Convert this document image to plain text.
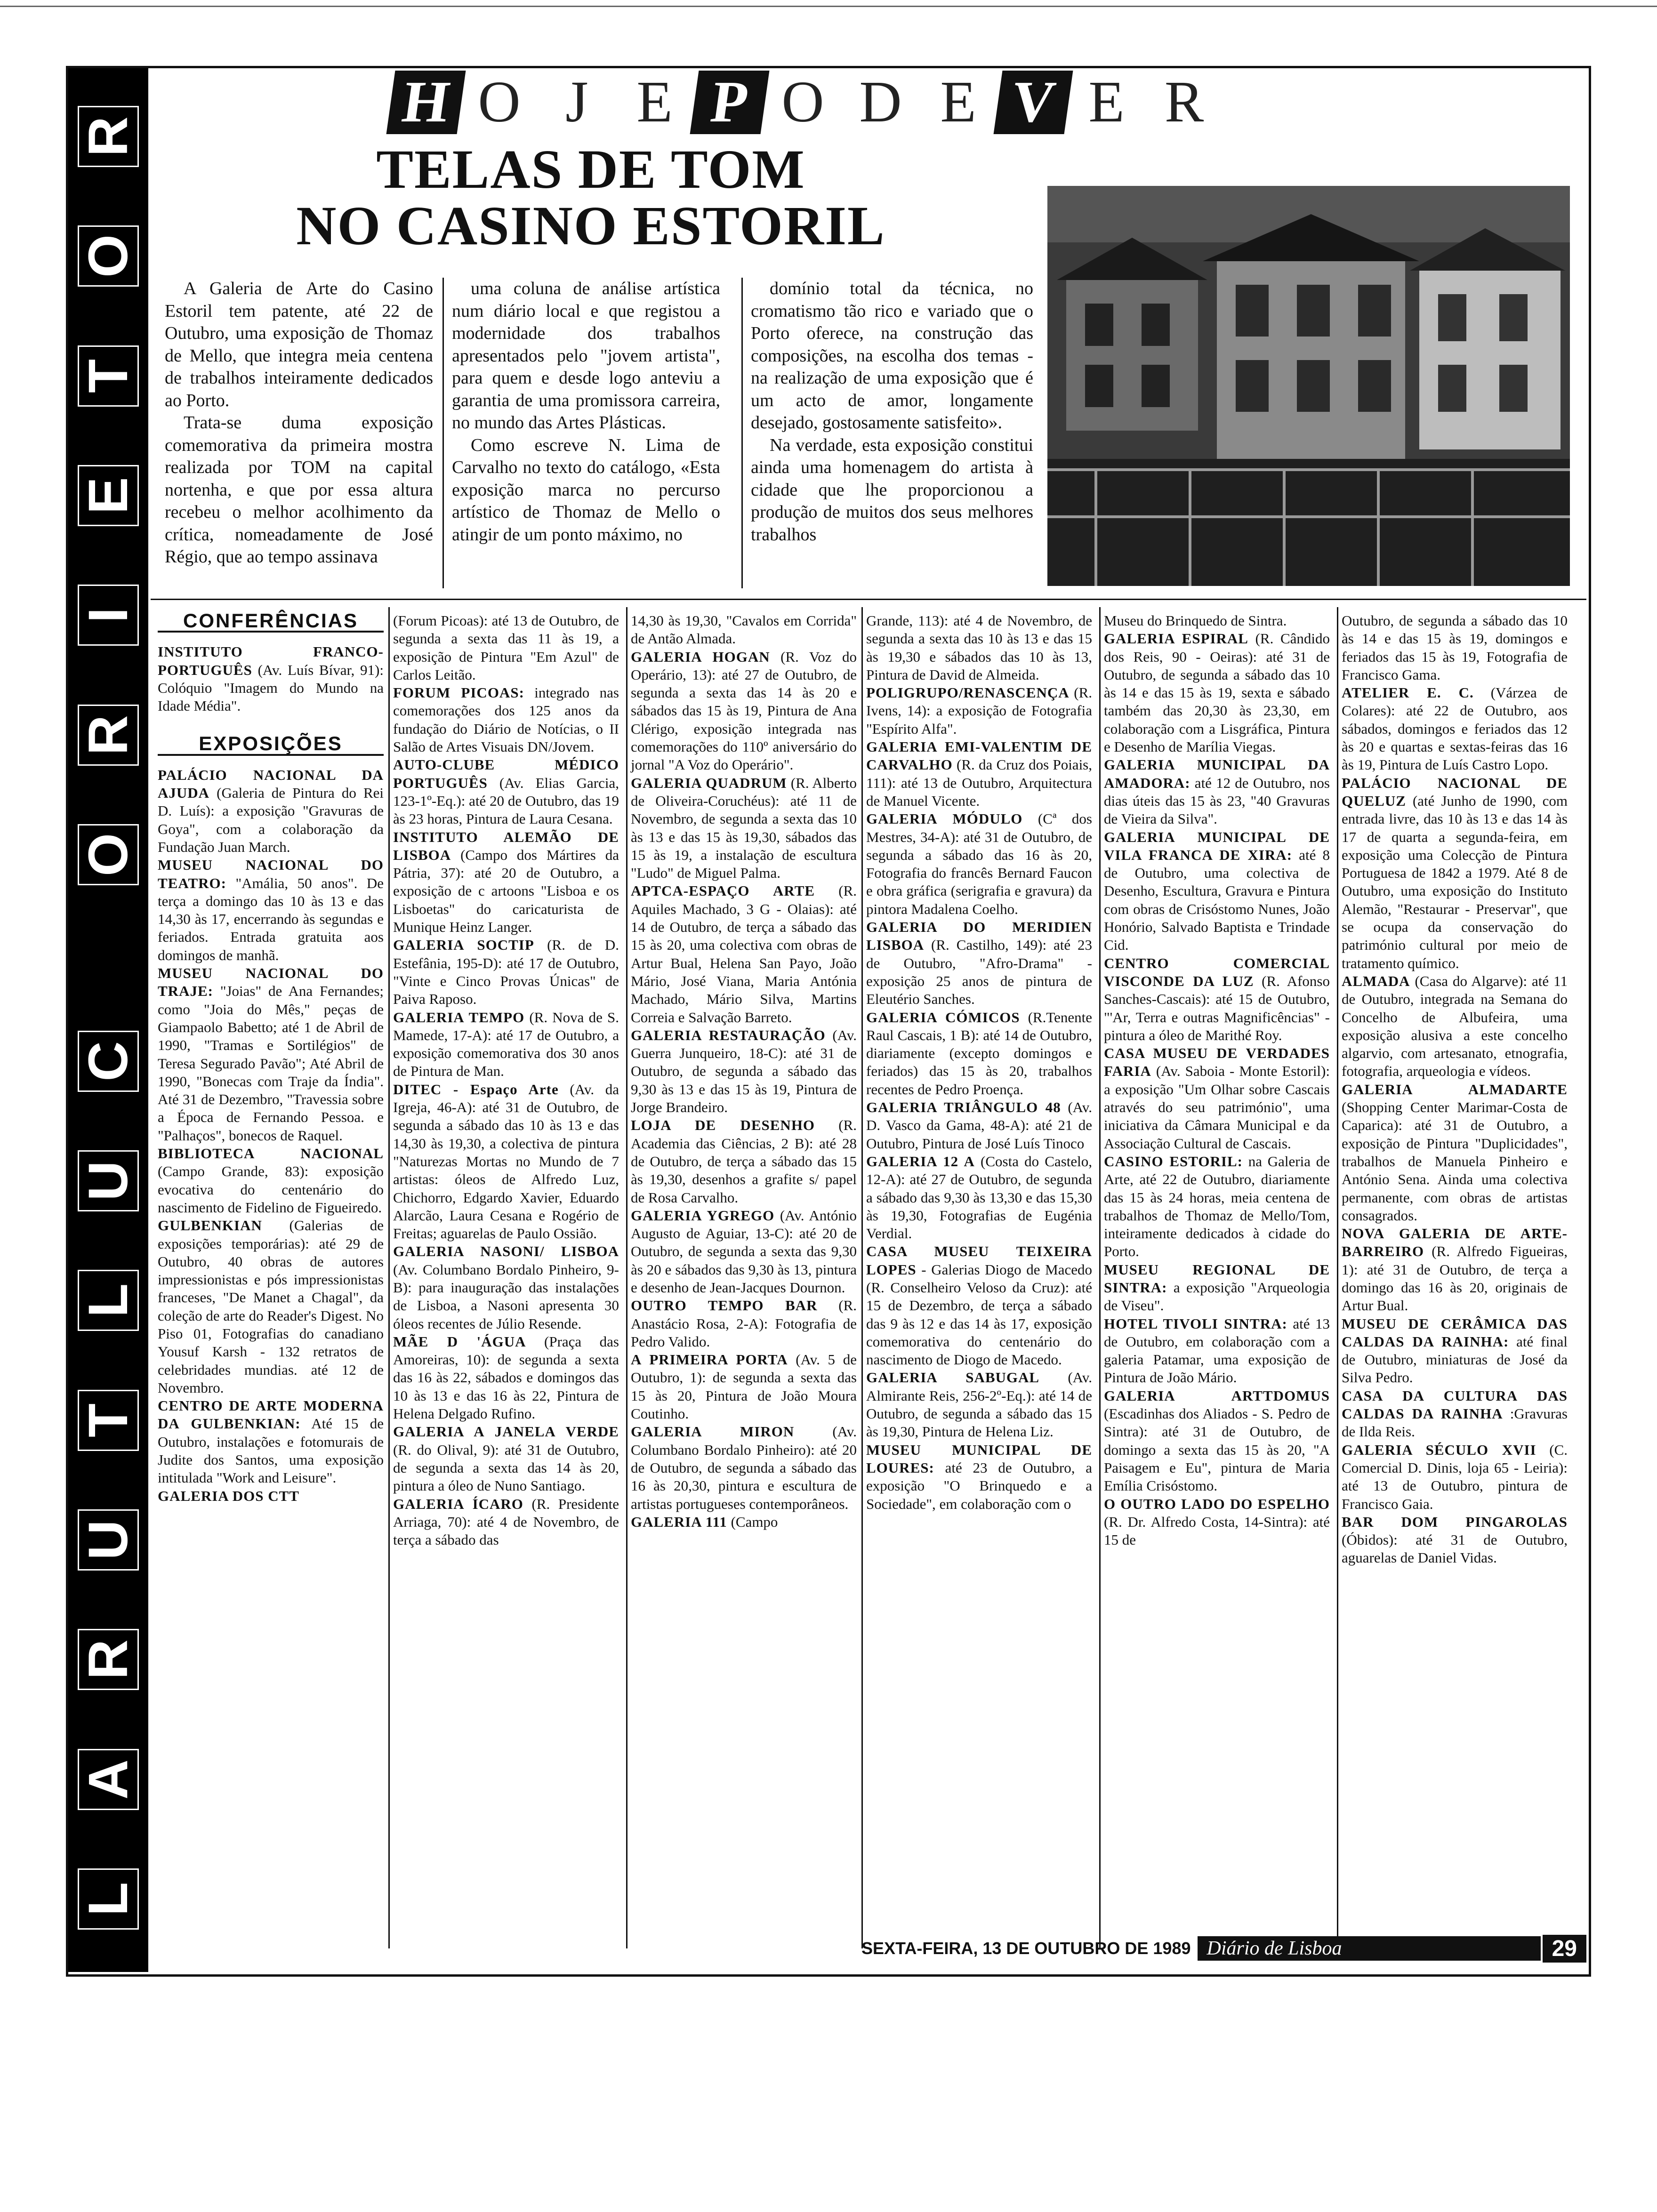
R
O
T
E
I
R
O
C
U
L
T
U
R
A
L
H O J E P O D E V E R
TELAS DE TOM
NO CASINO ESTORIL

A Galeria de Arte do Casino Estoril tem patente, até 22 de Outubro, uma exposição de Thomaz de Mello, que integra meia centena de trabalhos inteiramente dedicados ao Porto.

Trata-se duma exposição comemorativa da primeira mostra realizada por TOM na capital nortenha, e que por essa altura recebeu o melhor acolhimento da crítica, nomeadamente de José Régio, que ao tempo assinava

uma coluna de análise artística num diário local e que registou a modernidade dos trabalhos apresentados pelo "jovem artista", para quem e desde logo anteviu a garantia de uma promissora carreira, no mundo das Artes Plásticas.

Como escreve N. Lima de Carvalho no texto do catálogo, «Esta exposição marca no percurso artístico de Thomaz de Mello o atingir de um ponto máximo, no

domínio total da técnica, no cromatismo tão rico e variado que o Porto oferece, na construção das composições, na escolha dos temas - na realização de uma exposição que é um acto de amor, longamente desejado, gostosamente satisfeito».

Na verdade, esta exposição constitui ainda uma homenagem do artista à cidade que lhe proporcionou a produção de muitos dos seus melhores trabalhos

CONFERÊNCIAS

INSTITUTO FRANCO-PORTUGUÊS (Av. Luís Bívar, 91): Colóquio "Imagem do Mundo na Idade Média".

EXPOSIÇÕES

PALÁCIO NACIONAL DA AJUDA (Galeria de Pintura do Rei D. Luís): a exposição "Gravuras de Goya", com a colaboração da Fundação Juan March.

MUSEU NACIONAL DO TEATRO: "Amália, 50 anos". De terça a domingo das 10 às 13 e das 14,30 às 17, encerrando às segundas e feriados. Entrada gratuita aos domingos de manhã.

MUSEU NACIONAL DO TRAJE: "Joias" de Ana Fernandes; como "Joia do Mês," peças de Giampaolo Babetto; até 1 de Abril de 1990, "Tramas e Sortilégios" de Teresa Segurado Pavão"; Até Abril de 1990, "Bonecas com Traje da Índia". Até 31 de Dezembro, "Travessia sobre a Época de Fernando Pessoa. e "Palhaços", bonecos de Raquel.

BIBLIOTECA NACIONAL (Campo Grande, 83): exposição evocativa do centenário do nascimento de Fidelino de Figueiredo.

GULBENKIAN (Galerias de exposições temporárias): até 29 de Outubro, 40 obras de autores impressionistas e pós impressionistas franceses, "De Manet a Chagal", da coleção de arte do Reader's Digest. No Piso 01, Fotografias do canadiano Yousuf Karsh - 132 retratos de celebridades mundias. até 12 de Novembro.

CENTRO DE ARTE MODERNA DA GULBENKIAN: Até 15 de Outubro, instalações e fotomurais de Judite dos Santos, uma exposição intitulada "Work and Leisure".

GALERIA DOS CTT

(Forum Picoas): até 13 de Outubro, de segunda a sexta das 11 às 19, a exposição de Pintura "Em Azul" de Carlos Leitão.

FORUM PICOAS: integrado nas comemorações dos 125 anos da fundação do Diário de Notícias, o II Salão de Artes Visuais DN/Jovem.

AUTO-CLUBE MÉDICO PORTUGUÊS (Av. Elias Garcia, 123-1º-Eq.): até 20 de Outubro, das 19 às 23 horas, Pintura de Laura Cesana.

INSTITUTO ALEMÃO DE LISBOA (Campo dos Mártires da Pátria, 37): até 20 de Outubro, a exposição de c artoons "Lisboa e os Lisboetas" do caricaturista de Munique Heinz Langer.

GALERIA SOCTIP (R. de D. Estefânia, 195-D): até 17 de Outubro, "Vinte e Cinco Provas Únicas" de Paiva Raposo.

GALERIA TEMPO (R. Nova de S. Mamede, 17-A): até 17 de Outubro, a exposição comemorativa dos 30 anos de Pintura de Man.

DITEC - Espaço Arte (Av. da Igreja, 46-A): até 31 de Outubro, de segunda a sábado das 10 às 13 e das 14,30 às 19,30, a colectiva de pintura "Naturezas Mortas no Mundo de 7 artistas: óleos de Alfredo Luz, Chichorro, Edgardo Xavier, Eduardo Alarcão, Laura Cesana e Rogério de Freitas; aguarelas de Paulo Ossião.

GALERIA NASONI/ LISBOA (Av. Columbano Bordalo Pinheiro, 9-B): para inauguração das instalações de Lisboa, a Nasoni apresenta 30 óleos recentes de Júlio Resende.

MÃE D 'ÁGUA (Praça das Amoreiras, 10): de segunda a sexta das 16 às 22, sábados e domingos das 10 às 13 e das 16 às 22, Pintura de Helena Delgado Rufino.

GALERIA A JANELA VERDE (R. do Olival, 9): até 31 de Outubro, de segunda a sexta das 14 às 20, pintura a óleo de Nuno Santiago.

GALERIA ÍCARO (R. Presidente Arriaga, 70): até 4 de Novembro, de terça a sábado das

14,30 às 19,30, "Cavalos em Corrida" de Antão Almada.

GALERIA HOGAN (R. Voz do Operário, 13): até 27 de Outubro, de segunda a sexta das 14 às 20 e sábados das 15 às 19, Pintura de Ana Clérigo, exposição integrada nas comemorações do 110º aniversário do jornal "A Voz do Operário".

GALERIA QUADRUM (R. Alberto de Oliveira-Coruchéus): até 11 de Novembro, de segunda a sexta das 10 às 13 e das 15 às 19,30, sábados das 15 às 19, a instalação de escultura "Ludo" de Miguel Palma.

APTCA-ESPAÇO ARTE (R. Aquiles Machado, 3 G - Olaias): até 14 de Outubro, de terça a sábado das 15 às 20, uma colectiva com obras de Artur Bual, Helena San Payo, João Mário, José Viana, Maria Antónia Machado, Mário Silva, Martins Correia e Salvação Barreto.

GALERIA RESTAURAÇÃO (Av. Guerra Junqueiro, 18-C): até 31 de Outubro, de segunda a sábado das 9,30 às 13 e das 15 às 19, Pintura de Jorge Brandeiro.

LOJA DE DESENHO (R. Academia das Ciências, 2 B): até 28 de Outubro, de terça a sábado das 15 às 19,30, desenhos a grafite s/ papel de Rosa Carvalho.

GALERIA YGREGO (Av. António Augusto de Aguiar, 13-C): até 20 de Outubro, de segunda a sexta das 9,30 às 20 e sábados das 9,30 às 13, pintura e desenho de Jean-Jacques Dournon.

OUTRO TEMPO BAR (R. Anastácio Rosa, 2-A): Fotografia de Pedro Valido.

A PRIMEIRA PORTA (Av. 5 de Outubro, 1): de segunda a sexta das 15 às 20, Pintura de João Moura Coutinho.

GALERIA MIRON (Av. Columbano Bordalo Pinheiro): até 20 de Outubro, de segunda a sábado das 16 às 20,30, pintura e escultura de artistas portugueses contemporâneos.

GALERIA 111 (Campo

Grande, 113): até 4 de Novembro, de segunda a sexta das 10 às 13 e das 15 às 19,30 e sábados das 10 às 13, Pintura de David de Almeida.

POLIGRUPO/RENASCENÇA (R. Ivens, 14): a exposição de Fotografia "Espírito Alfa".

GALERIA EMI-VALENTIM DE CARVALHO (R. da Cruz dos Poiais, 111): até 13 de Outubro, Arquitectura de Manuel Vicente.

GALERIA MÓDULO (Cª dos Mestres, 34-A): até 31 de Outubro, de segunda a sábado das 16 às 20, Fotografia do francês Bernard Faucon e obra gráfica (serigrafia e gravura) da pintora Madalena Coelho.

GALERIA DO MERIDIEN LISBOA (R. Castilho, 149): até 23 de Outubro, "Afro-Drama" - exposição 25 anos de pintura de Eleutério Sanches.

GALERIA CÓMICOS (R.Tenente Raul Cascais, 1 B): até 14 de Outubro, diariamente (excepto domingos e feriados) das 15 às 20, trabalhos recentes de Pedro Proença.

GALERIA TRIÂNGULO 48 (Av. D. Vasco da Gama, 48-A): até 21 de Outubro, Pintura de José Luís Tinoco

GALERIA 12 A (Costa do Castelo, 12-A): até 27 de Outubro, de segunda a sábado das 9,30 às 13,30 e das 15,30 às 19,30, Fotografias de Eugénia Verdial.

CASA MUSEU TEIXEIRA LOPES - Galerias Diogo de Macedo (R. Conselheiro Veloso da Cruz): até 15 de Dezembro, de terça a sábado das 9 às 12 e das 14 às 17, exposição comemorativa do centenário do nascimento de Diogo de Macedo.

GALERIA SABUGAL (Av. Almirante Reis, 256-2º-Eq.): até 14 de Outubro, de segunda a sábado das 15 às 19,30, Pintura de Helena Liz.

MUSEU MUNICIPAL DE LOURES: até 23 de Outubro, a exposição "O Brinquedo e a Sociedade", em colaboração com o

Museu do Brinquedo de Sintra.

GALERIA ESPIRAL (R. Cândido dos Reis, 90 - Oeiras): até 31 de Outubro, de segunda a sábado das 10 às 14 e das 15 às 19, sexta e sábado também das 20,30 às 23,30, em colaboração com a Lisgráfica, Pintura e Desenho de Marília Viegas.

GALERIA MUNICIPAL DA AMADORA: até 12 de Outubro, nos dias úteis das 15 às 23, "40 Gravuras de Vieira da Silva".

GALERIA MUNICIPAL DE VILA FRANCA DE XIRA: até 8 de Outubro, uma colectiva de Desenho, Escultura, Gravura e Pintura com obras de Crisóstomo Nunes, João Honório, Salvado Baptista e Trindade Cid.

CENTRO COMERCIAL VISCONDE DA LUZ (R. Afonso Sanches-Cascais): até 15 de Outubro, "'Ar, Terra e outras Magnificências" - pintura a óleo de Marithé Roy.

CASA MUSEU DE VERDADES FARIA (Av. Saboia - Monte Estoril): a exposição "Um Olhar sobre Cascais através do seu património", uma iniciativa da Câmara Municipal e da Associação Cultural de Cascais.

CASINO ESTORIL: na Galeria de Arte, até 22 de Outubro, diariamente das 15 às 24 horas, meia centena de trabalhos de Thomaz de Mello/Tom, inteiramente dedicados à cidade do Porto.

MUSEU REGIONAL DE SINTRA: a exposição "Arqueologia de Viseu".

HOTEL TIVOLI SINTRA: até 13 de Outubro, em colaboração com a galeria Patamar, uma exposição de Pintura de João Mário.

GALERIA ARTTDOMUS (Escadinhas dos Aliados - S. Pedro de Sintra): até 31 de Outubro, de domingo a sexta das 15 às 20, "A Paisagem e Eu", pintura de Maria Emília Crisóstomo.

O OUTRO LADO DO ESPELHO (R. Dr. Alfredo Costa, 14-Sintra): até 15 de

Outubro, de segunda a sábado das 10 às 14 e das 15 às 19, domingos e feriados das 15 às 19, Fotografia de Francisco Gama.

ATELIER E. C. (Várzea de Colares): até 22 de Outubro, aos sábados, domingos e feriados das 12 às 20 e quartas e sextas-feiras das 16 às 19, Pintura de Luís Castro Lopo.

PALÁCIO NACIONAL DE QUELUZ (até Junho de 1990, com entrada livre, das 10 às 13 e das 14 às 17 de quarta a segunda-feira, em exposição uma Colecção de Pintura Portuguesa de 1842 a 1979. Até 8 de Outubro, uma exposição do Instituto Alemão, "Restaurar - Preservar", que se ocupa da conservação do património cultural por meio de tratamento químico.

ALMADA (Casa do Algarve): até 11 de Outubro, integrada na Semana do Concelho de Albufeira, uma exposição alusiva a este concelho algarvio, com artesanato, etnografia, fotografia, arqueologia e vídeos.

GALERIA ALMADARTE (Shopping Center Marimar-Costa de Caparica): até 31 de Outubro, a exposição de Pintura "Duplicidades", trabalhos de Manuela Pinheiro e António Sena. Ainda uma colectiva permanente, com obras de artistas consagrados.

NOVA GALERIA DE ARTE-BARREIRO (R. Alfredo Figueiras, 1): até 31 de Outubro, de terça a domingo das 16 às 20, originais de Artur Bual.

MUSEU DE CERÂMICA DAS CALDAS DA RAINHA: até final de Outubro, miniaturas de José da Silva Pedro.

CASA DA CULTURA DAS CALDAS DA RAINHA :Gravuras de Ilda Reis.

GALERIA SÉCULO XVII (C. Comercial D. Dinis, loja 65 - Leiria): até 13 de Outubro, pintura de Francisco Gaia.

BAR DOM PINGAROLAS (Óbidos): até 31 de Outubro, aguarelas de Daniel Vidas.

SEXTA-FEIRA, 13 DE OUTUBRO DE 1989 Diário de Lisboa	29
